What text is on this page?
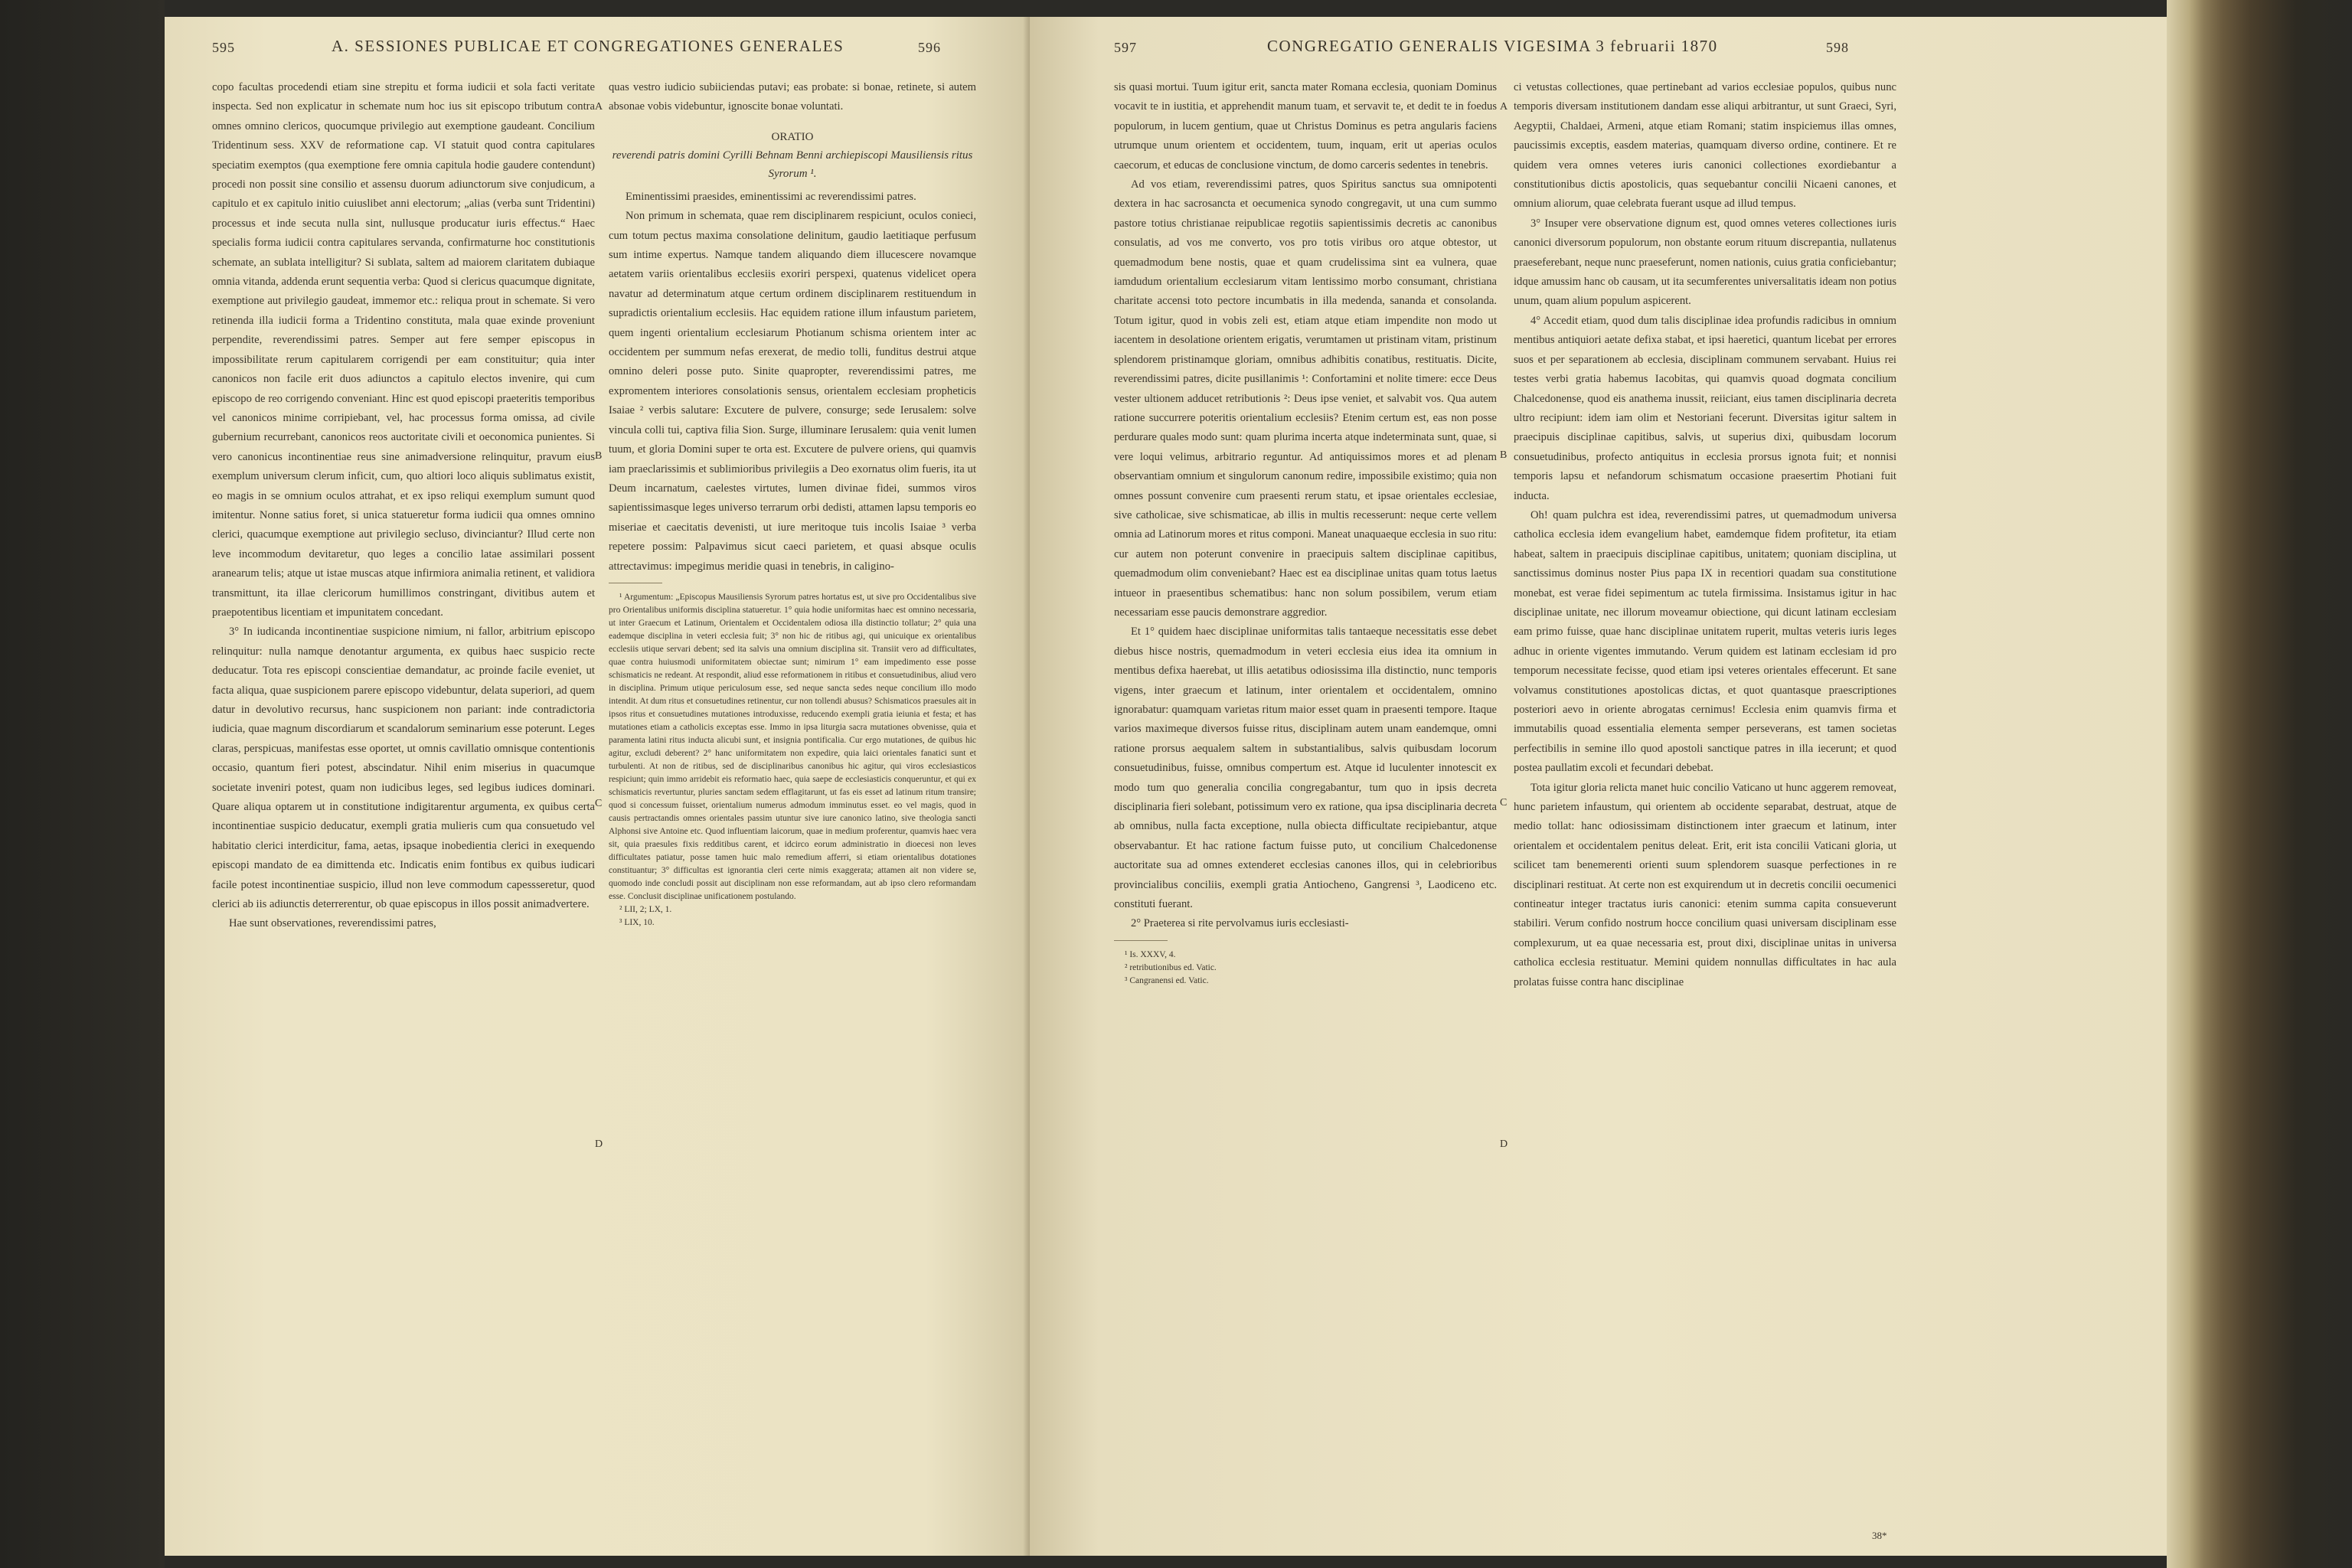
595	A. SESSIONES PUBLICAE ET CONGREGATIONES GENERALES	596

copo facultas procedendi etiam sine strepitu et forma iudicii et sola facti veritate inspecta. Sed non explicatur in schemate num hoc ius sit episcopo tributum contra omnes omnino clericos, quocumque privilegio aut exemptione gaudeant. Concilium Tridentinum sess. XXV de reformatione cap. VI statuit quod contra capitulares speciatim exemptos (qua exemptione fere omnia capitula hodie gaudere contendunt) procedi non possit sine consilio et assensu duorum adiunctorum sive conjudicum, a capitulo et ex capitulo initio cuiuslibet anni electorum; „alias (verba sunt Tridentini) processus et inde secuta nulla sint, nullusque producatur iuris effectus.“ Haec specialis forma iudicii contra capitulares servanda, confirmaturne hoc constitutionis schemate, an sublata intelligitur? Si sublata, saltem ad maiorem claritatem dubiaque omnia vitanda, addenda erunt sequentia verba: Quod si clericus quacumque dignitate, exemptione aut privilegio gaudeat, immemor etc.: reliqua prout in schemate. Si vero retinenda illa iudicii forma a Tridentino constituta, mala quae exinde proveniunt perpendite, reverendissimi patres. Semper aut fere semper episcopus in impossibilitate rerum capitularem corrigendi per eam constituitur; quia inter canonicos non facile erit duos adiunctos a capitulo electos invenire, qui cum episcopo de reo corrigendo conveniant. Hinc est quod episcopi praeteritis temporibus vel canonicos minime corripiebant, vel, hac processus forma omissa, ad civile gubernium recurrebant, canonicos reos auctoritate civili et oeconomica punientes. Si vero canonicus incontinentiae reus sine animadversione relinquitur, pravum eius exemplum universum clerum inficit, cum, quo altiori loco aliquis sublimatus existit, eo magis in se omnium oculos attrahat, et ex ipso reliqui exemplum sumunt quod imitentur. Nonne satius foret, si unica statueretur forma iudicii qua omnes omnino clerici, quacumque exemptione aut privilegio secluso, divinciantur? Illud certe non leve incommodum devitaretur, quo leges a concilio latae assimilari possent aranearum telis; atque ut istae muscas atque infirmiora animalia retinent, et validiora transmittunt, ita illae clericorum humillimos constringant, divitibus autem et praepotentibus licentiam et impunitatem concedant.

3° In iudicanda incontinentiae suspicione nimium, ni fallor, arbitrium episcopo relinquitur: nulla namque denotantur argumenta, ex quibus haec suspicio recte deducatur. Tota res episcopi conscientiae demandatur, ac proinde facile eveniet, ut facta aliqua, quae suspicionem parere episcopo videbuntur, delata superiori, ad quem datur in devolutivo recursus, hanc suspicionem non pariant: inde contradictoria iudicia, quae magnum discordiarum et scandalorum seminarium esse poterunt. Leges claras, perspicuas, manifestas esse oportet, ut omnis cavillatio omnisque contentionis occasio, quantum fieri potest, abscindatur. Nihil enim miserius in quacumque societate inveniri potest, quam non iudicibus leges, sed legibus iudices dominari. Quare aliqua optarem ut in constitutione indigitarentur argumenta, ex quibus certa incontinentiae suspicio deducatur, exempli gratia mulieris cum qua consuetudo vel habitatio clerici interdicitur, fama, aetas, ipsaque inobedientia clerici in exequendo episcopi mandato de ea dimittenda etc. Indicatis enim fontibus ex quibus iudicari facile potest incontinentiae suspicio, illud non leve commodum capessseretur, quod clerici ab iis adiunctis deterrerentur, ob quae episcopus in illos possit animadvertere.

Hae sunt observationes, reverendissimi patres,

A
B
C
D

quas vestro iudicio subiiciendas putavi; eas probate: si bonae, retinete, si autem absonae vobis videbuntur, ignoscite bonae voluntati.

ORATIO
reverendi patris domini Cyrilli Behnam Benni archiepiscopi Mausiliensis ritus Syrorum ¹.

Eminentissimi praesides, eminentissimi ac reverendissimi patres.

Non primum in schemata, quae rem disciplinarem respiciunt, oculos conieci, cum totum pectus maxima consolatione delinitum, gaudio laetitiaque perfusum sum intime expertus. Namque tandem aliquando diem illucescere novamque aetatem variis orientalibus ecclesiis exoriri perspexi, quatenus videlicet opera navatur ad determinatum atque certum ordinem disciplinarem restituendum in supradictis orientalium ecclesiis. Hac equidem ratione illum infaustum parietem, quem ingenti orientalium ecclesiarum Photianum schisma orientem inter ac occidentem per summum nefas erexerat, de medio tolli, funditus destrui atque omnino deleri posse puto. Sinite quapropter, reverendissimi patres, me expromentem interiores consolationis sensus, orientalem ecclesiam propheticis Isaiae ² verbis salutare: Excutere de pulvere, consurge; sede Ierusalem: solve vincula colli tui, captiva filia Sion. Surge, illuminare Ierusalem: quia venit lumen tuum, et gloria Domini super te orta est. Excutere de pulvere oriens, qui quamvis iam praeclarissimis et sublimioribus privilegiis a Deo exornatus olim fueris, ita ut Deum incarnatum, caelestes virtutes, lumen divinae fidei, summos viros sapientissimasque leges universo terrarum orbi dedisti, attamen lapsu temporis eo miseriae et caecitatis devenisti, ut iure meritoque tuis incolis Isaiae ³ verba repetere possim: Palpavimus sicut caeci parietem, et quasi absque oculis attrectavimus: impegimus meridie quasi in tenebris, in caligino-

¹ Argumentum: „Episcopus Mausiliensis Syrorum patres hortatus est, ut sive pro Occidentalibus sive pro Orientalibus uniformis disciplina statueretur. 1° quia hodie uniformitas haec est omnino necessaria, ut inter Graecum et Latinum, Orientalem et Occidentalem odiosa illa distinctio tollatur; 2° quia una eademque disciplina in veteri ecclesia fuit; 3° non hic de ritibus agi, qui unicuique ex orientalibus ecclesiis utique servari debent; sed ita salvis una omnium disciplina sit. Transiit vero ad difficultates, quae contra huiusmodi uniformitatem obiectae sunt; nimirum 1° eam impedimento esse posse schismaticis ne redeant. At respondit, aliud esse reformationem in ritibus et consuetudinibus, aliud vero in disciplina. Primum utique periculosum esse, sed neque sancta sedes neque concilium illo modo intendit. At dum ritus et consuetudines retinentur, cur non tollendi abusus? Schismaticos praesules ait in ipsos ritus et consuetudines mutationes introduxisse, reducendo exempli gratia ieiunia et festa; et has mutationes etiam a catholicis exceptas esse. Immo in ipsa liturgia sacra mutationes obvenisse, quia et paramenta latini ritus inducta alicubi sunt, et insignia pontificalia. Cur ergo mutationes, de quibus hic agitur, excludi deberent? 2° hanc uniformitatem non expedire, quia laici orientales fanatici sunt et turbulenti. At non de ritibus, sed de disciplinaribus canonibus hic agitur, qui viros ecclesiasticos respiciunt; quin immo arridebit eis reformatio haec, quia saepe de ecclesiasticis conqueruntur, et qui ex schismaticis revertuntur, pluries sanctam sedem efflagitarunt, ut fas eis esset ad latinum ritum transire; quod si concessum fuisset, orientalium numerus admodum imminutus esset. eo vel magis, quod in causis pertractandis omnes orientales passim utuntur sive iure canonico latino, sive theologia sancti Alphonsi sive Antoine etc. Quod influentiam laicorum, quae in medium proferentur, quamvis haec vera sit, quia praesules fixis redditibus carent, et idcirco eorum administratio in dioecesi non leves difficultates patiatur, posse tamen huic malo remedium afferri, si etiam orientalibus dotationes constituantur; 3° difficultas est ignorantia cleri certe nimis exaggerata; attamen ait non videre se, quomodo inde concludi possit aut disciplinam non esse reformandam, aut ab ipso clero reformandam esse. Conclusit disciplinae unificationem postulando.

² LII, 2; LX, 1.

³ LIX, 10.

597	CONGREGATIO GENERALIS VIGESIMA 3 februarii 1870	598

sis quasi mortui. Tuum igitur erit, sancta mater Romana ecclesia, quoniam Dominus vocavit te in iustitia, et apprehendit manum tuam, et servavit te, et dedit te in foedus populorum, in lucem gentium, quae ut Christus Dominus es petra angularis faciens utrumque unum orientem et occidentem, tuum, inquam, erit ut aperias oculos caecorum, et educas de conclusione vinctum, de domo carceris sedentes in tenebris.

Ad vos etiam, reverendissimi patres, quos Spiritus sanctus sua omnipotenti dextera in hac sacrosancta et oecumenica synodo congregavit, ut una cum summo pastore totius christianae reipublicae regotiis sapientissimis decretis ac canonibus consulatis, ad vos me converto, vos pro totis viribus oro atque obtestor, ut quemadmodum bene nostis, quae et quam crudelissima sint ea vulnera, quae iamdudum orientalium ecclesiarum vitam lentissimo morbo consumant, christiana charitate accensi toto pectore incumbatis in illa medenda, sananda et consolanda. Totum igitur, quod in vobis zeli est, etiam atque etiam impendite non modo ut iacentem in desolatione orientem erigatis, verumtamen ut pristinam vitam, pristinum splendorem pristinamque gloriam, omnibus adhibitis conatibus, restituatis. Dicite, reverendissimi patres, dicite pusillanimis ¹: Confortamini et nolite timere: ecce Deus vester ultionem adducet retributionis ²: Deus ipse veniet, et salvabit vos. Qua autem ratione succurrere poteritis orientalium ecclesiis? Etenim certum est, eas non posse perdurare quales modo sunt: quam plurima incerta atque indeterminata sunt, quae, si vere loqui velimus, arbitrario reguntur. Ad antiquissimos mores et ad plenam observantiam omnium et singulorum canonum redire, impossibile existimo; quia non omnes possunt convenire cum praesenti rerum statu, et ipsae orientales ecclesiae, sive catholicae, sive schismaticae, ab illis in multis recesserunt: neque certe vellem omnia ad Latinorum mores et ritus componi. Maneat unaquaeque ecclesia in suo ritu: cur autem non poterunt convenire in praecipuis saltem disciplinae capitibus, quemadmodum olim conveniebant? Haec est ea disciplinae unitas quam totus laetus intueor in praesentibus schematibus: hanc non solum possibilem, verum etiam necessariam esse paucis demonstrare aggredior.

Et 1° quidem haec disciplinae uniformitas talis tantaeque necessitatis esse debet diebus hisce nostris, quemadmodum in veteri ecclesia eius idea ita omnium in mentibus defixa haerebat, ut illis aetatibus odiosissima illa distinctio, nunc temporis vigens, inter graecum et latinum, inter orientalem et occidentalem, omnino ignorabatur: quamquam varietas ritum maior esset quam in praesenti tempore. Itaque varios maximeque diversos fuisse ritus, disciplinam autem unam eandemque, omni ratione prorsus aequalem saltem in substantialibus, salvis quibusdam locorum consuetudinibus, fuisse, omnibus compertum est. Atque id luculenter innotescit ex modo tum quo generalia concilia congregabantur, tum quo in ipsis decreta disciplinaria fieri solebant, potissimum vero ex ratione, qua ipsa disciplinaria decreta ab omnibus, nulla facta exceptione, nulla obiecta difficultate recipiebantur, atque observabantur. Et hac ratione factum fuisse puto, ut concilium Chalcedonense auctoritate sua ad omnes extenderet ecclesias canones illos, qui in celebrioribus provincialibus conciliis, exempli gratia Antiocheno, Gangrensi ³, Laodiceno etc. constituti fuerant.

2° Praeterea si rite pervolvamus iuris ecclesiasti-

¹ Is. XXXV, 4.

² retributionibus ed. Vatic.

³ Cangranensi ed. Vatic.

A
B
C
D

ci vetustas collectiones, quae pertinebant ad varios ecclesiae populos, quibus nunc temporis diversam institutionem dandam esse aliqui arbitrantur, ut sunt Graeci, Syri, Aegyptii, Chaldaei, Armeni, atque etiam Romani; statim inspiciemus illas omnes, paucissimis exceptis, easdem materias, quamquam diverso ordine, continere. Et re quidem vera omnes veteres iuris canonici collectiones exordiebantur a constitutionibus dictis apostolicis, quas sequebantur concilii Nicaeni canones, et omnium aliorum, quae celebrata fuerant usque ad illud tempus.

3° Insuper vere observatione dignum est, quod omnes veteres collectiones iuris canonici diversorum populorum, non obstante eorum rituum discrepantia, nullatenus praeseferebant, neque nunc praeseferunt, nomen nationis, cuius gratia conficiebantur; idque amussim hanc ob causam, ut ita secumferentes universalitatis ideam non potius unum, quam alium populum aspicerent.

4° Accedit etiam, quod dum talis disciplinae idea profundis radicibus in omnium mentibus antiquiori aetate defixa stabat, et ipsi haeretici, quantum licebat per errores suos et per separationem ab ecclesia, disciplinam communem servabant. Huius rei testes verbi gratia habemus Iacobitas, qui quamvis quoad dogmata concilium Chalcedonense, quod eis anathema inussit, reiiciant, eius tamen disciplinaria decreta ultro recipiunt: idem iam olim et Nestoriani fecerunt. Diversitas igitur saltem in praecipuis disciplinae capitibus, salvis, ut superius dixi, quibusdam locorum consuetudinibus, profecto antiquitus in ecclesia prorsus ignota fuit; et nonnisi temporis lapsu et nefandorum schismatum occasione praesertim Photiani fuit inducta.

Oh! quam pulchra est idea, reverendissimi patres, ut quemadmodum universa catholica ecclesia idem evangelium habet, eamdemque fidem profitetur, ita etiam habeat, saltem in praecipuis disciplinae capitibus, unitatem; quoniam disciplina, ut sanctissimus dominus noster Pius papa IX in recentiori quadam sua constitutione monebat, est verae fidei sepimentum ac tutela firmissima. Insistamus igitur in hac disciplinae unitate, nec illorum moveamur obiectione, qui dicunt latinam ecclesiam eam primo fuisse, quae hanc disciplinae unitatem ruperit, multas veteris iuris leges adhuc in oriente vigentes immutando. Verum quidem est latinam ecclesiam id pro temporum necessitate fecisse, quod etiam ipsi veteres orientales effecerunt. Et sane volvamus constitutiones apostolicas dictas, et quot quantasque praescriptiones posteriori aevo in oriente abrogatas cernimus! Ecclesia enim quamvis firma et immutabilis quoad essentialia elementa semper perseverans, est tamen societas perfectibilis in semine illo quod apostoli sanctique patres in illa iecerunt; et quod postea paullatim excoli et fecundari debebat.

Tota igitur gloria relicta manet huic concilio Vaticano ut hunc aggerem removeat, hunc parietem infaustum, qui orientem ab occidente separabat, destruat, atque de medio tollat: hanc odiosissimam distinctionem inter graecum et latinum, inter orientalem et occidentalem penitus deleat. Erit, erit ista concilii Vaticani gloria, ut scilicet tam benemerenti orienti suum splendorem suasque perfectiones in re disciplinari restituat. At certe non est exquirendum ut in decretis concilii oecumenici contineatur integer tractatus iuris canonici: etenim summa capita consueverunt stabiliri. Verum confido nostrum hocce concilium quasi universam disciplinam esse complexurum, ut ea quae necessaria est, prout dixi, disciplinae unitas in universa catholica ecclesia restituatur. Memini quidem nonnullas difficultates in hac aula prolatas fuisse contra hanc disciplinae

38*
